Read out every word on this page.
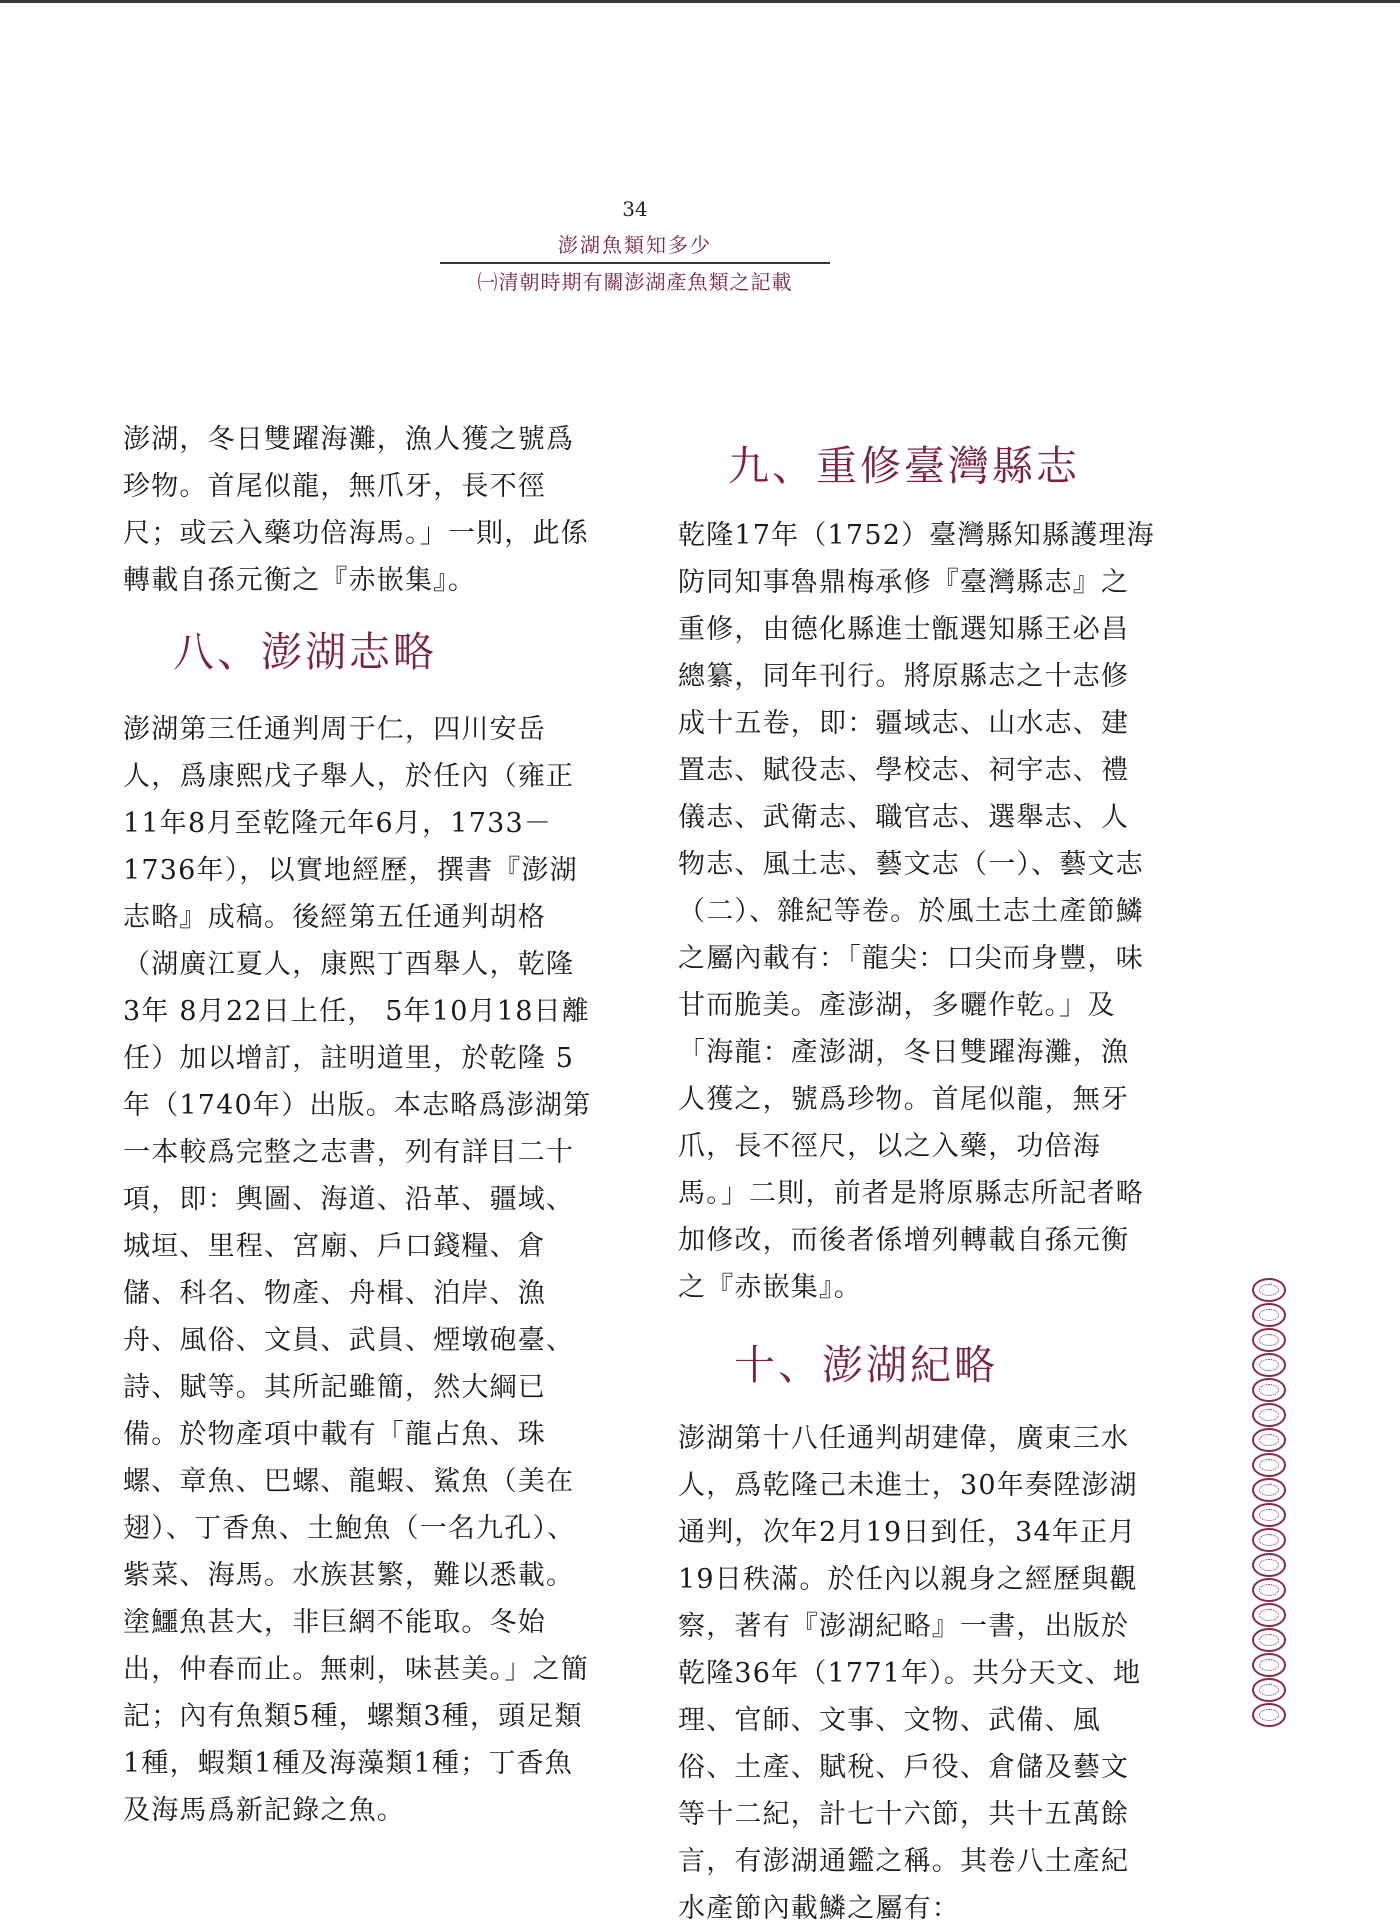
34
澎湖魚類知多少
㈠清朝時期有關澎湖產魚類之記載

澎湖，冬日雙躍海灘，漁人獲之號爲珍物。首尾似龍，無爪牙，長不徑尺；或云入藥功倍海馬。」一則，此係轉載自孫元衡之『赤嵌集』。

八、澎湖志略

澎湖第三任通判周于仁，四川安岳人，爲康熙戊子舉人，於任內（雍正11年8月至乾隆元年6月，1733－1736年），以實地經歷，撰書『澎湖志略』成稿。後經第五任通判胡格（湖廣江夏人，康熙丁酉舉人，乾隆 3年 8月22日上任， 5年10月18日離任）加以增訂，註明道里，於乾隆 5年（1740年）出版。本志略爲澎湖第一本較爲完整之志書，列有詳目二十項，即：輿圖、海道、沿革、疆域、城垣、里程、宮廟、戶口錢糧、倉儲、科名、物產、舟楫、泊岸、漁舟、風俗、文員、武員、煙墩砲臺、詩、賦等。其所記雖簡，然大綱已備。於物產項中載有「龍占魚、珠螺、章魚、巴螺、龍蝦、鯊魚（美在翅）、丁香魚、土鮑魚（一名九孔）、紫菜、海馬。水族甚繁，難以悉載。塗鱷魚甚大，非巨網不能取。冬始出，仲春而止。無刺，味甚美。」之簡記；內有魚類5種，螺類3種，頭足類1種，蝦類1種及海藻類1種；丁香魚及海馬爲新記錄之魚。

九、重修臺灣縣志

乾隆17年（1752）臺灣縣知縣護理海防同知事魯鼎梅承修『臺灣縣志』之重修，由德化縣進士甑選知縣王必昌總纂，同年刊行。將原縣志之十志修成十五卷，即：疆域志、山水志、建置志、賦役志、學校志、祠宇志、禮儀志、武衛志、職官志、選舉志、人物志、風土志、藝文志（一）、藝文志（二）、雜紀等卷。於風土志土產節鱗之屬內載有：「龍尖：口尖而身豐，味甘而脆美。產澎湖，多曬作乾。」及「海龍：產澎湖，冬日雙躍海灘，漁人獲之，號爲珍物。首尾似龍，無牙爪，長不徑尺，以之入藥，功倍海馬。」二則，前者是將原縣志所記者略加修改，而後者係增列轉載自孫元衡之『赤嵌集』。

十、澎湖紀略

澎湖第十八任通判胡建偉，廣東三水人，爲乾隆己未進士，30年奏陞澎湖通判，次年2月19日到任，34年正月19日秩滿。於任內以親身之經歷與觀察，著有『澎湖紀略』一書，出版於乾隆36年（1771年）。共分天文、地理、官師、文事、文物、武備、風俗、土產、賦稅、戶役、倉儲及藝文等十二紀，計七十六節，共十五萬餘言，有澎湖通鑑之稱。其卷八土產紀水產節內載鱗之屬有：
